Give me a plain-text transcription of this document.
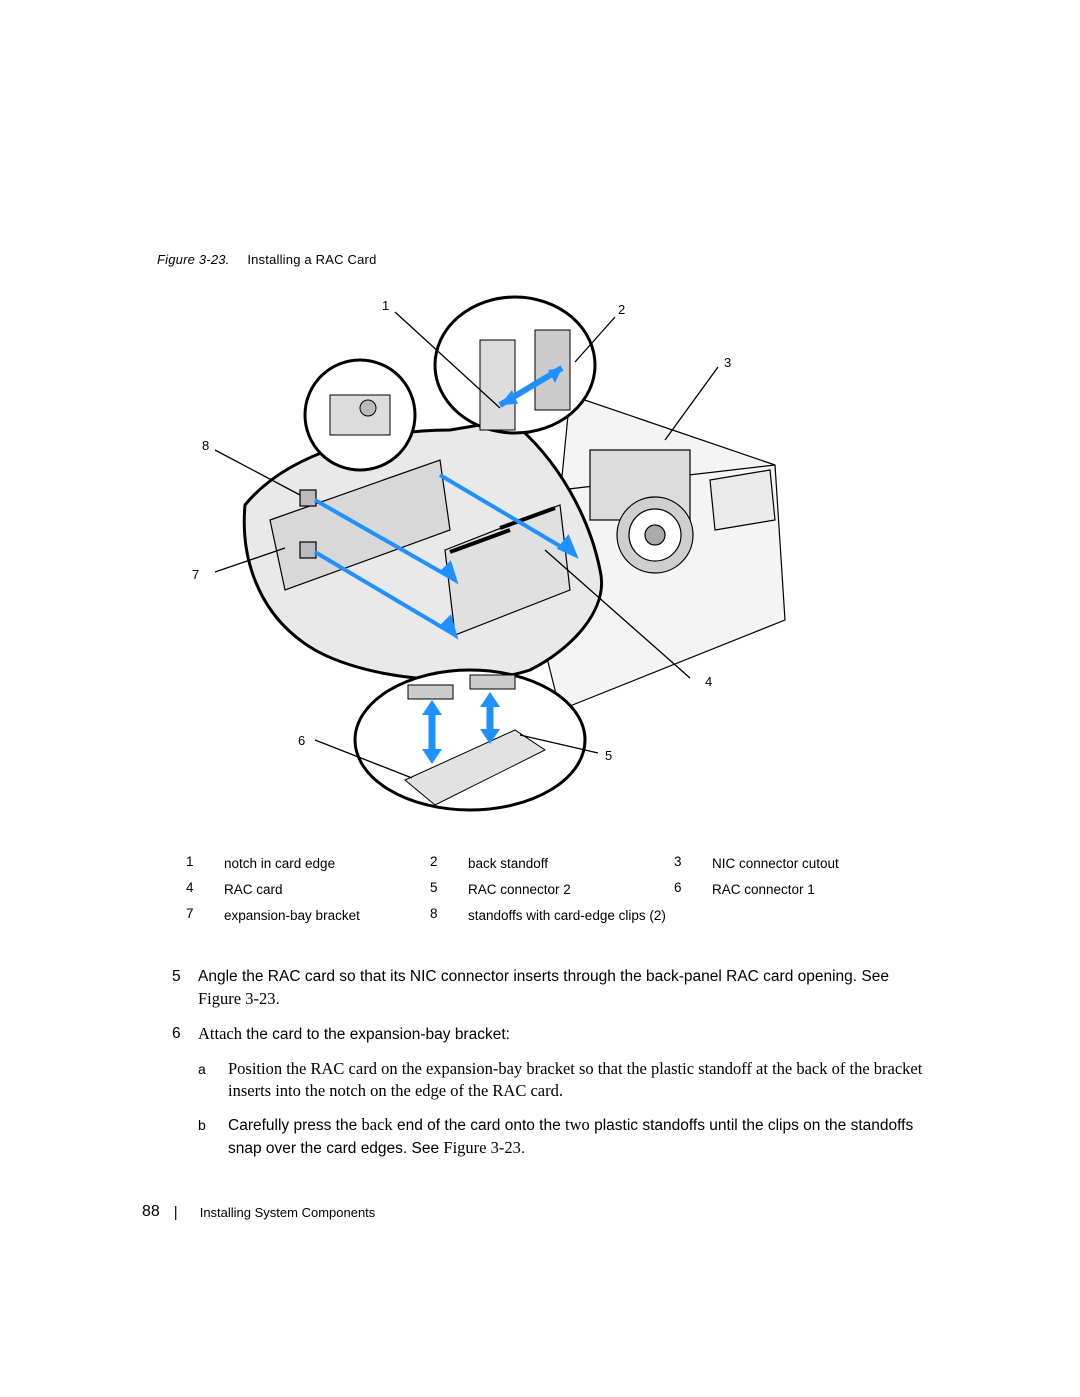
Figure 3-23. Installing a RAC Card
1	2
3
4
5
6
7
8
1	notch in card edge	2	back standoff	3	NIC connector cutout
4	RAC card	5	RAC connector 2	6	RAC connector 1
7	expansion-bay bracket	8	standoffs with card-edge clips (2)
5	Angle the RAC card so that its NIC connector inserts through the back-panel RAC card opening. See Figure 3-23.
6	Attach the card to the expansion-bay bracket:
a	Position the RAC card on the expansion-bay bracket so that the plastic standoff at the back of the bracket inserts into the notch on the edge of the RAC card.
b	Carefully press the back end of the card onto the two plastic standoffs until the clips on the standoffs snap over the card edges. See Figure 3-23.
88 | Installing System Components
